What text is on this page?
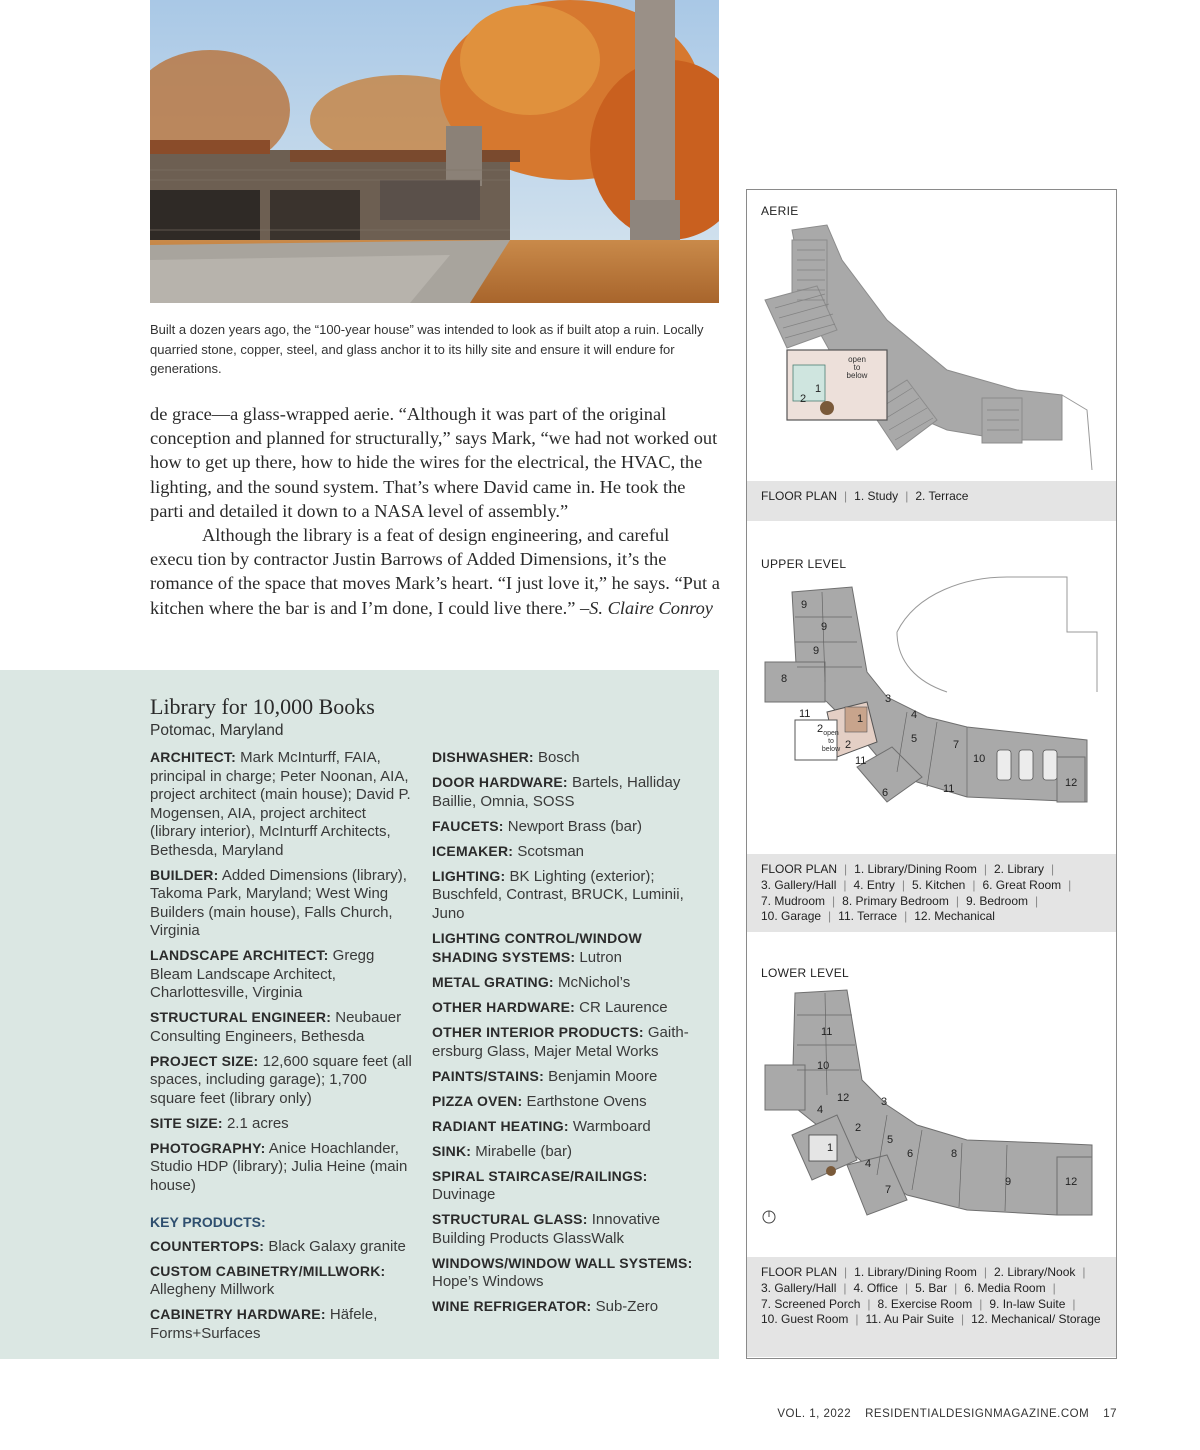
Built a dozen years ago, the “100-year house” was intended to look as if built atop a ruin. Locally quarried stone, copper, steel, and glass anchor it to its hilly site and ensure it will endure for generations.

de grace—a glass-wrapped aerie. “Although it was part of the original conception and planned for structurally,” says Mark, “we had not worked out how to get up there, how to hide the wires for the electrical, the HVAC, the lighting, and the sound system. That’s where David came in. He took the parti and detailed it down to a NASA level of assembly.”

Although the library is a feat of design engineering, and careful execu tion by contractor Justin Barrows of Added Dimensions, it’s the romance of the space that moves Mark’s heart. “I just love it,” he says. “Put a kitchen where the bar is and I’m done, I could live there.” –S. Claire Conroy

Library for 10,000 Books
Potomac, Maryland
ARCHITECT: Mark McInturff, FAIA, principal in charge; Peter Noonan, AIA, project architect (main house); David P. Mogensen, AIA, project architect (library interior), McInturff Architects, Bethesda, Maryland
BUILDER: Added Dimensions (library), Takoma Park, Maryland; West Wing Builders (main house), Falls Church, Virginia
LANDSCAPE ARCHITECT: Gregg Bleam Landscape Architect, Charlottesville, Virginia
STRUCTURAL ENGINEER: Neubauer Consulting Engineers, Bethesda
PROJECT SIZE: 12,600 square feet (all spaces, including garage); 1,700 square feet (library only)
SITE SIZE: 2.1 acres
PHOTOGRAPHY: Anice Hoachlander, Studio HDP (library); Julia Heine (main house)
KEY PRODUCTS:
COUNTERTOPS: Black Galaxy granite
CUSTOM CABINETRY/MILLWORK: Allegheny Millwork
CABINETRY HARDWARE: Häfele, Forms+Surfaces
DISHWASHER: Bosch
DOOR HARDWARE: Bartels, Halliday Baillie, Omnia, SOSS
FAUCETS: Newport Brass (bar)
ICEMAKER: Scotsman
LIGHTING: BK Lighting (exterior); Buschfeld, Contrast, BRUCK, Luminii, Juno
LIGHTING CONTROL/WINDOW SHADING SYSTEMS: Lutron
METAL GRATING: McNichol’s
OTHER HARDWARE: CR Laurence
OTHER INTERIOR PRODUCTS: Gaithersburg Glass, Majer Metal Works
PAINTS/STAINS: Benjamin Moore
PIZZA OVEN: Earthstone Ovens
RADIANT HEATING: Warmboard
SINK: Mirabelle (bar)
SPIRAL STAIRCASE/RAILINGS: Duvinage
STRUCTURAL GLASS: Innovative Building Products GlassWalk
WINDOWS/WINDOW WALL SYSTEMS: Hope’s Windows
WINE REFRIGERATOR: Sub-Zero
AERIE
open
to
below
1
2
FLOOR PLAN | 1. Study | 2. Terrace
UPPER LEVEL
open
to
below
9
9
9
8
3
11	1	4
2
5	7
10
11
2
11
6
12
FLOOR PLAN | 1. Library/Dining Room | 2. Library |
3. Gallery/Hall | 4. Entry | 5. Kitchen | 6. Great Room |
7. Mudroom | 8. Primary Bedroom | 9. Bedroom |
10. Garage | 11. Terrace | 12. Mechanical
LOWER LEVEL
11
10
12
4
3
2
1
5
4
6	8
7
9	12
FLOOR PLAN | 1. Library/Dining Room | 2. Library/Nook |
3. Gallery/Hall | 4. Office | 5. Bar | 6. Media Room |
7. Screened Porch | 8. Exercise Room | 9. In-law Suite |
10. Guest Room | 11. Au Pair Suite | 12. Mechanical/ Storage
VOL. 1, 2022 RESIDENTIALDESIGNMAGAZINE.COM 17
